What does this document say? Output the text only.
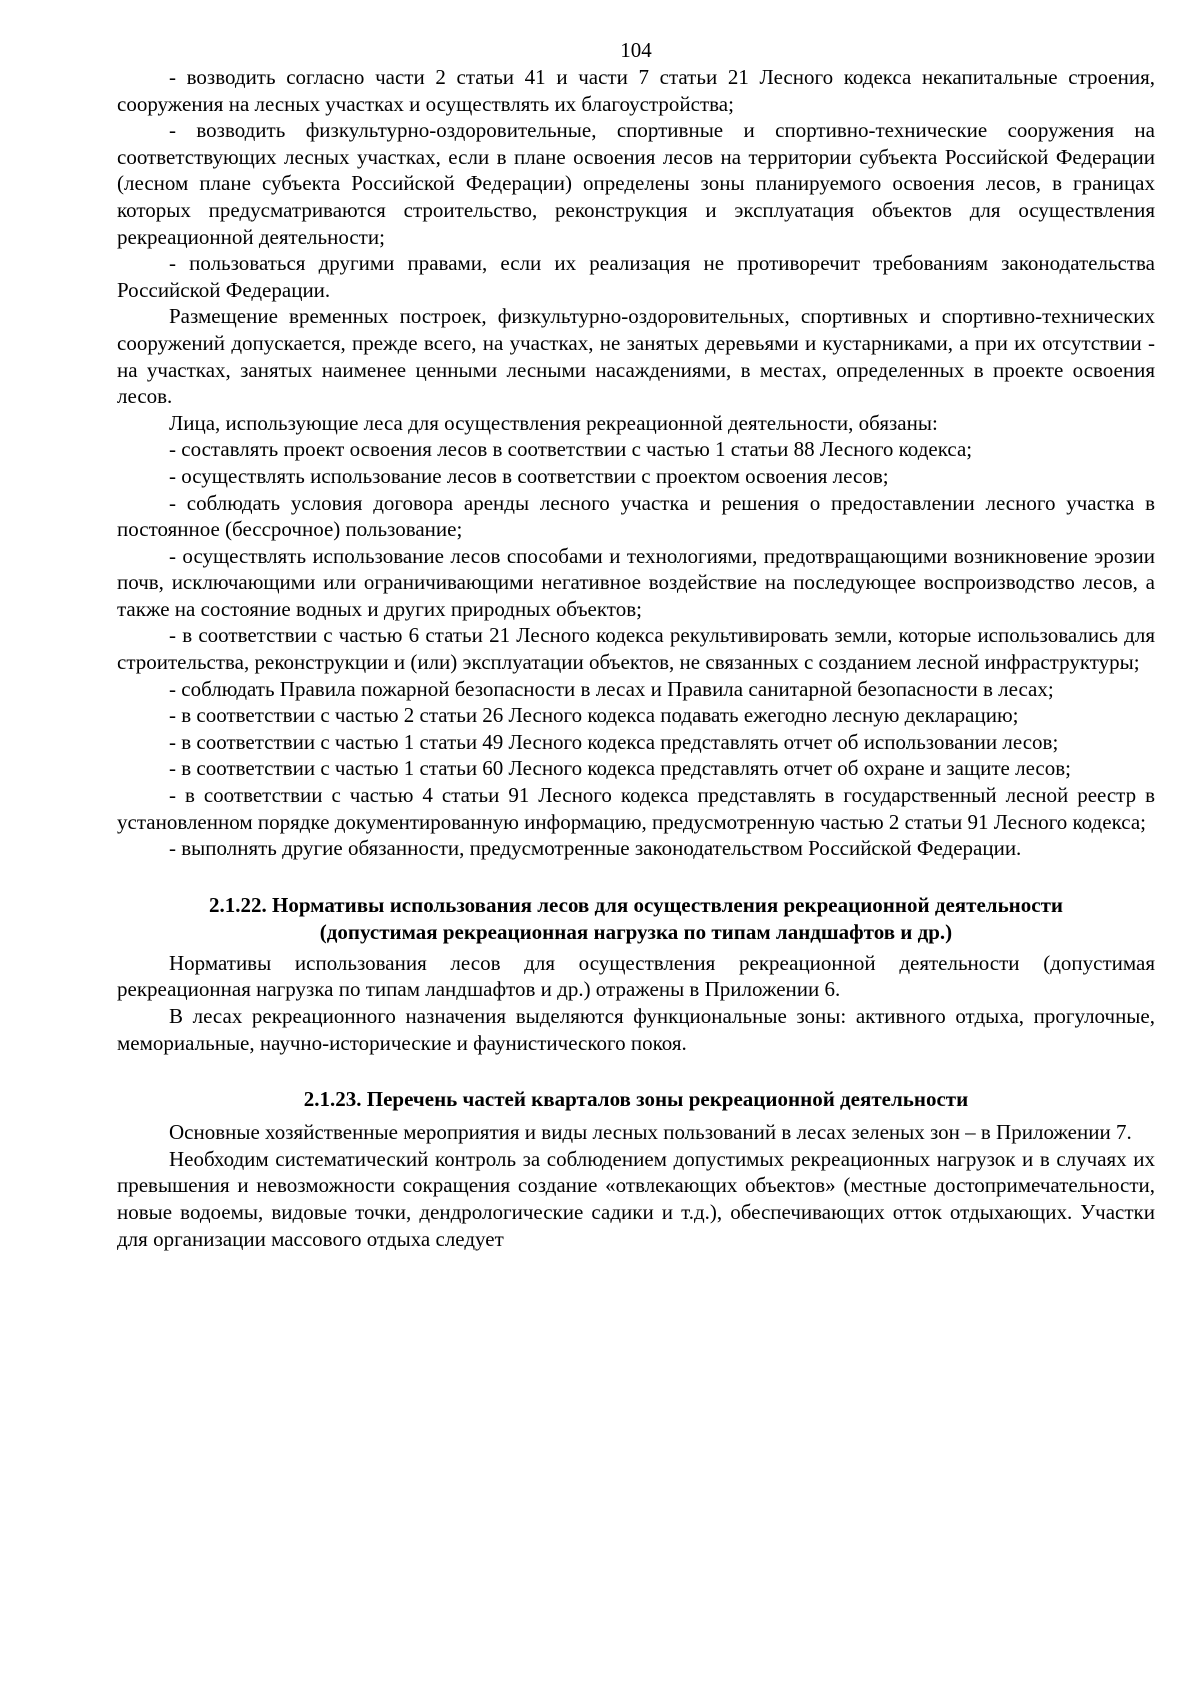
104

- возводить согласно части 2 статьи 41 и части 7 статьи 21 Лесного кодекса некапитальные строения, сооружения на лесных участках и осуществлять их благоустройства;

- возводить физкультурно-оздоровительные, спортивные и спортивно-технические сооружения на соответствующих лесных участках, если в плане освоения лесов на территории субъекта Российской Федерации (лесном плане субъекта Российской Федерации) определены зоны планируемого освоения лесов, в границах которых предусматриваются строительство, реконструкция и эксплуатация объектов для осуществления рекреационной деятельности;

- пользоваться другими правами, если их реализация не противоречит требованиям законодательства Российской Федерации.

Размещение временных построек, физкультурно-оздоровительных, спортивных и спортивно-технических сооружений допускается, прежде всего, на участках, не занятых деревьями и кустарниками, а при их отсутствии - на участках, занятых наименее ценными лесными насаждениями, в местах, определенных в проекте освоения лесов.

Лица, использующие леса для осуществления рекреационной деятельности, обязаны:

- составлять проект освоения лесов в соответствии с частью 1 статьи 88 Лесного кодекса;

- осуществлять использование лесов в соответствии с проектом освоения лесов;

- соблюдать условия договора аренды лесного участка и решения о предоставлении лесного участка в постоянное (бессрочное) пользование;

- осуществлять использование лесов способами и технологиями, предотвращающими возникновение эрозии почв, исключающими или ограничивающими негативное воздействие на последующее воспроизводство лесов, а также на состояние водных и других природных объектов;

- в соответствии с частью 6 статьи 21 Лесного кодекса рекультивировать земли, которые использовались для строительства, реконструкции и (или) эксплуатации объектов, не связанных с созданием лесной инфраструктуры;

- соблюдать Правила пожарной безопасности в лесах и Правила санитарной безопасности в лесах;

- в соответствии с частью 2 статьи 26 Лесного кодекса подавать ежегодно лесную декларацию;

- в соответствии с частью 1 статьи 49 Лесного кодекса представлять отчет об использовании лесов;

- в соответствии с частью 1 статьи 60 Лесного кодекса представлять отчет об охране и защите лесов;

- в соответствии с частью 4 статьи 91 Лесного кодекса представлять в государственный лесной реестр в установленном порядке документированную информацию, предусмотренную частью 2 статьи 91 Лесного кодекса;

- выполнять другие обязанности, предусмотренные законодательством Российской Федерации.

2.1.22. Нормативы использования лесов для осуществления рекреационной деятельности
(допустимая рекреационная нагрузка по типам ландшафтов и др.)

Нормативы использования лесов для осуществления рекреационной деятельности (допустимая рекреационная нагрузка по типам ландшафтов и др.) отражены в Приложении 6.

В лесах рекреационного назначения выделяются функциональные зоны: активного отдыха, прогулочные, мемориальные, научно-исторические и фаунистического покоя.

2.1.23. Перечень частей кварталов зоны рекреационной деятельности

Основные хозяйственные мероприятия и виды лесных пользований в лесах зеленых зон – в Приложении 7.

Необходим систематический контроль за соблюдением допустимых рекреационных нагрузок и в случаях их превышения и невозможности сокращения создание «отвлекающих объектов» (местные достопримечательности, новые водоемы, видовые точки, дендрологические садики и т.д.), обеспечивающих отток отдыхающих. Участки для организации массового отдыха следует
